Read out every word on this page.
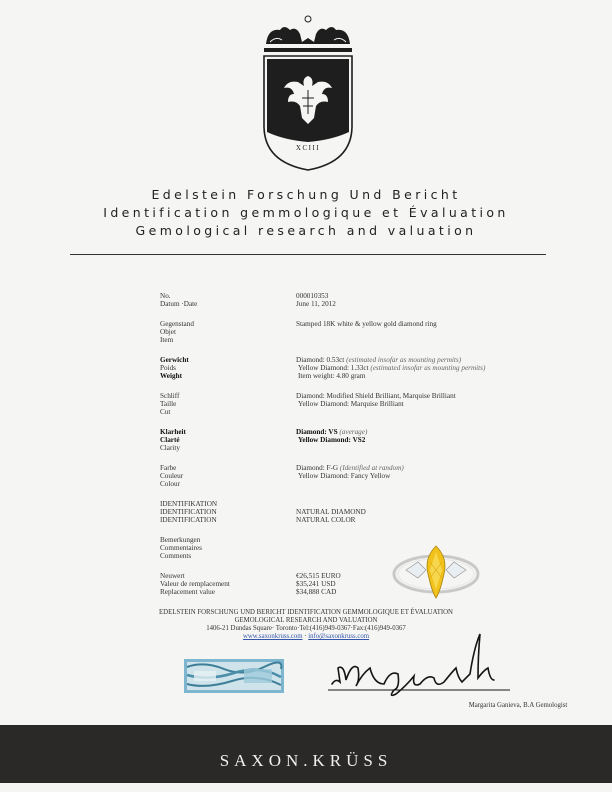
XCIII
Edelstein Forschung Und Bericht
Identification gemmologique et Évaluation
Gemological research and valuation
No.
Datum ·Date
000010353
June 11, 2012
Gegenstand
Objet
Item
Stamped 18K white & yellow gold diamond ring
Gerwicht
Poids
Weight
Diamond: 0.53ct (estimated insofar as mounting permits)
Yellow Diamond: 1.33ct (estimated insofar as mounting permits)
Item weight: 4.80 gram
Schliff
Taille
Cut
Diamond: Modified Shield Brilliant, Marquise Brilliant
Yellow Diamond: Marquise Brilliant
Klarheit
Clarté
Clarity
Diamond: VS (average)
Yellow Diamond: VS2
Farbe
Couleur
Colour
Diamond: F-G (Identified at random)
Yellow Diamond: Fancy Yellow
IDENTIFIKATION
IDENTIFICATION
IDENTIFICATION
NATURAL DIAMOND
NATURAL COLOR
Bemerkungen
Commentaires
Comments
Neuwert
Valeur de remplacement
Replacement value
€26,515 EURO
$35,241 USD
$34,888 CAD
EDELSTEIN FORSCHUNG UND BERICHT IDENTIFICATION GEMMOLOGIQUE ET ÉVALUATION
GEMOLOGICAL RESEARCH AND VALUATION
1406-21 Dundas Square· Toronto·Tel:(416)949-0367·Fax:(416)949-0367
www.saxonkruss.com · info@saxonkruss.com
Margarita Ganieva, B.A Gemologist
SAXON.KRÜSS
